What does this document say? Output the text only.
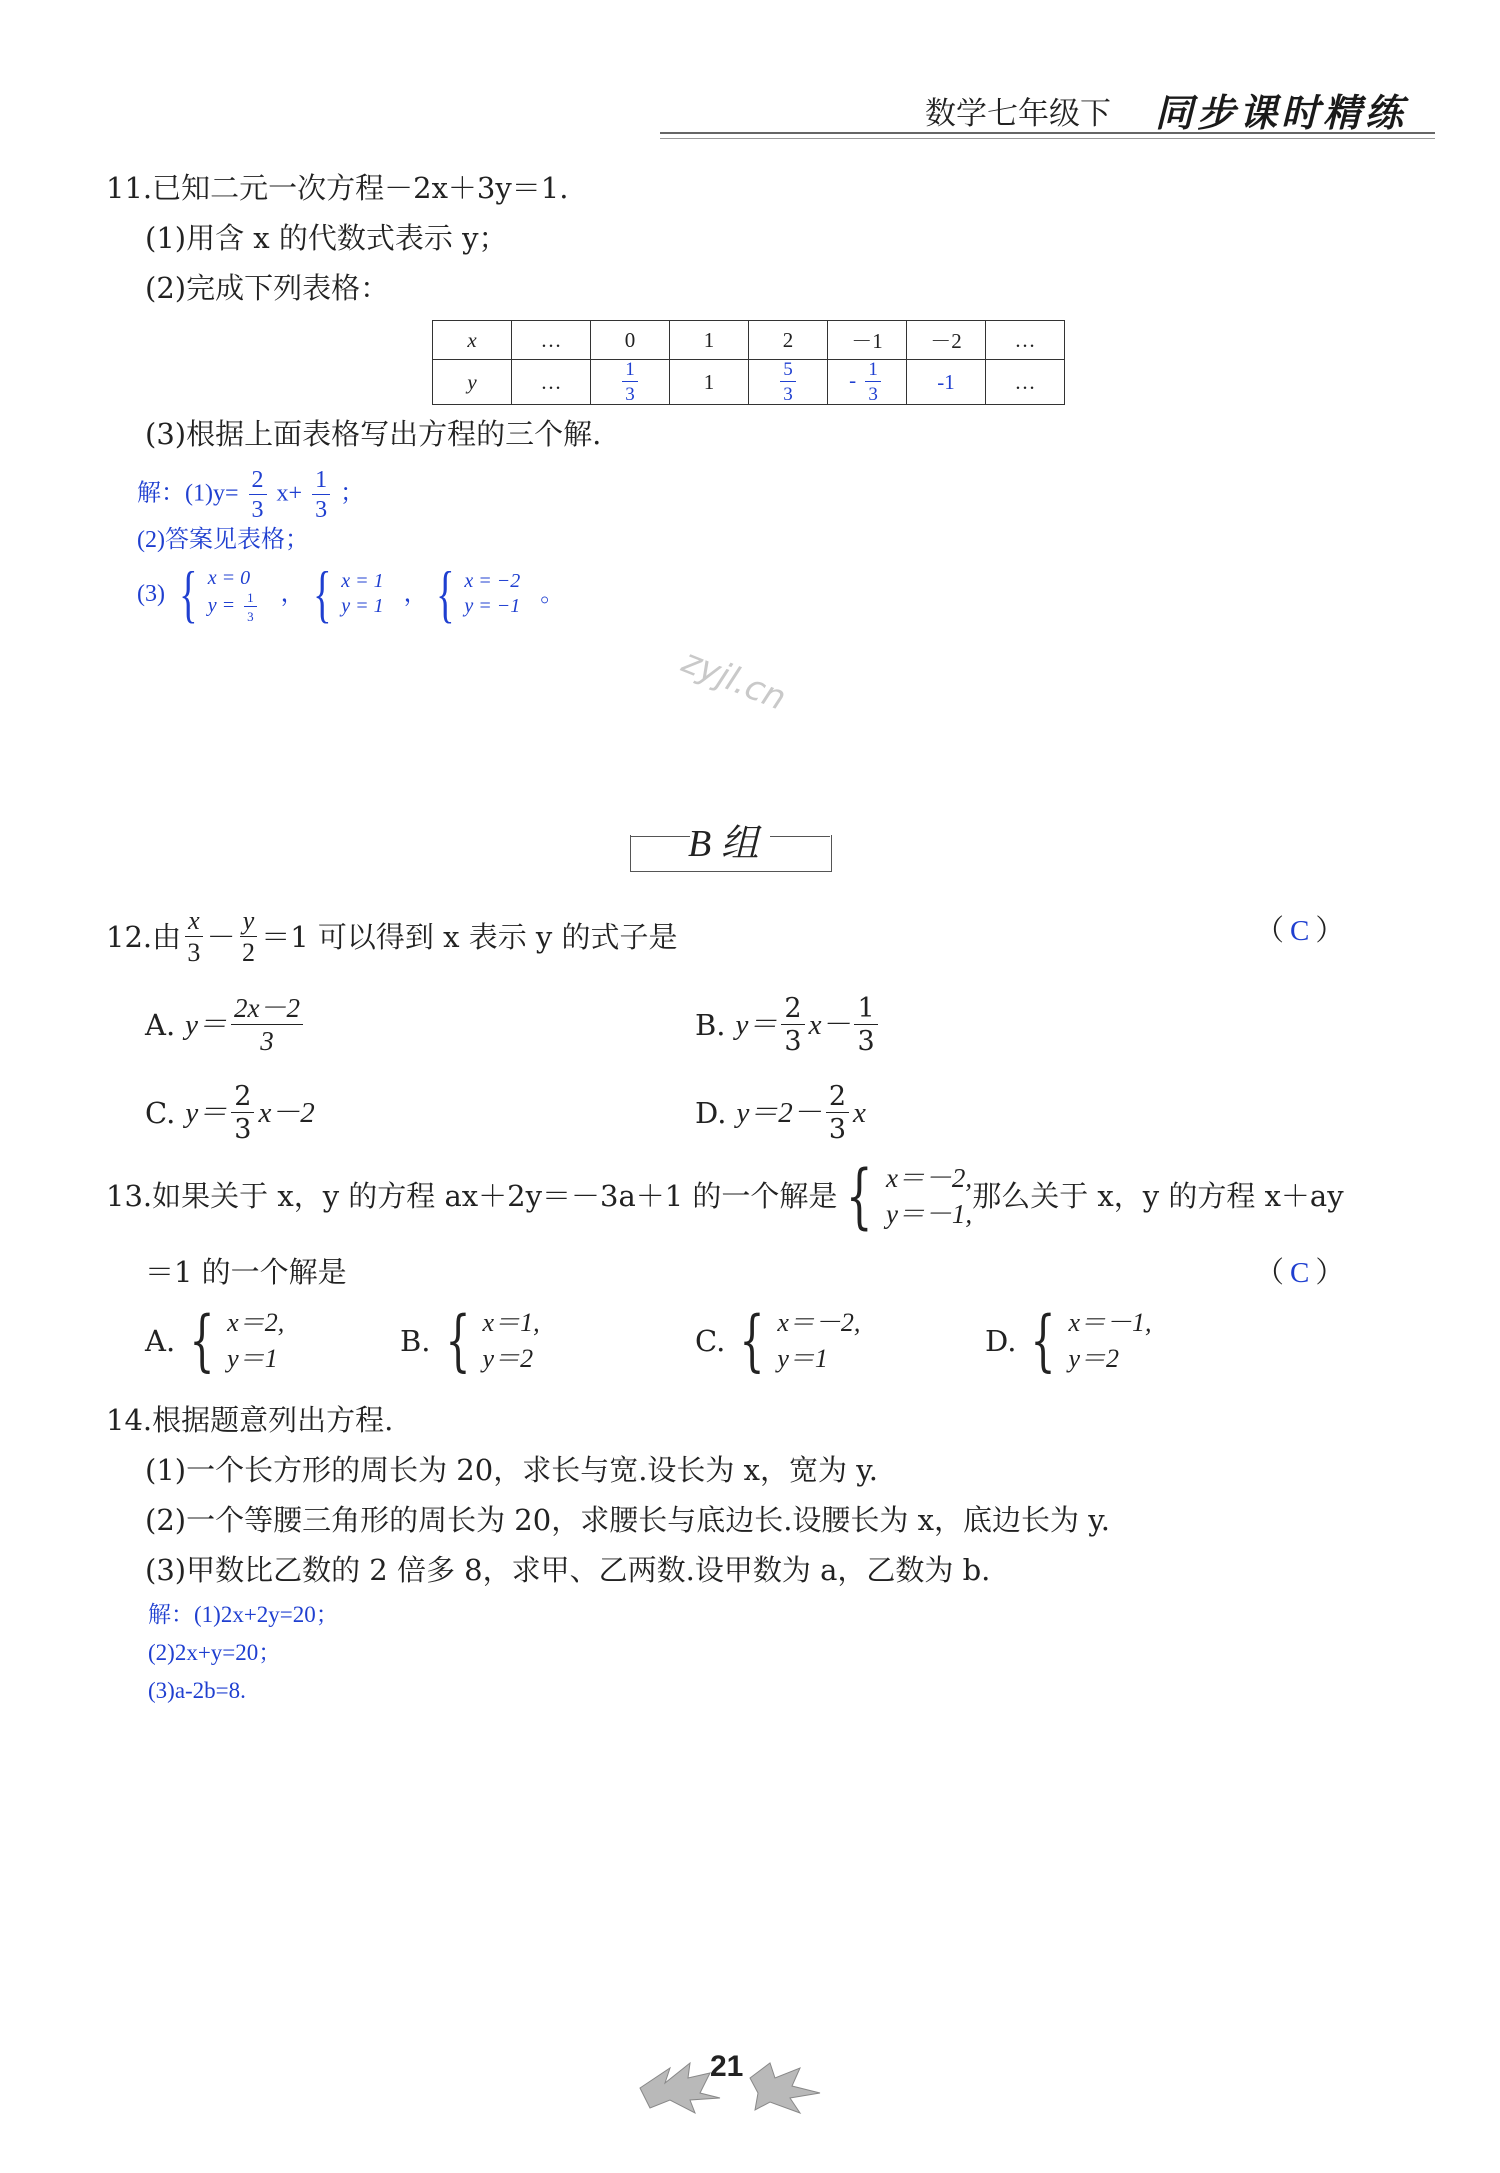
数学七年级下 同步课时精练
11.已知二元一次方程－2x＋3y＝1.
(1)用含 x 的代数式表示 y；
(2)完成下列表格：
x	…	0	1	2	－1	－2	…
y	…	$\frac{1}{3}$	1	$\frac{5}{3}$	- $\frac{1}{3}$	-1	…
(3)根据上面表格写出方程的三个解.
解：$(1)y= \frac{2}{3} x+ \frac{1}{3}$ ；
(2)答案见表格；
(3) { x = 0
$y = \frac{1}{3}$ ， { x = 1
y = 1 ， { x = −2
y = −1 。
zyjl.cn
B 组
12.由 $\frac{x}{3} - \frac{y}{2} =1$ 可以得到 x 表示 y 的式子是	（ C ）
A. $y= \frac{2x-2}{3}$	B. $y= \frac{2}{3} x- \frac{1}{3}$
C. $y= \frac{2}{3} x-2$	D. $y=2- \frac{2}{3}$ x
13.如果关于 x，y 的方程 ax＋2y＝－3a＋1 的一个解是 { x＝－2,
y＝－1,
那么关于 x，y 的方程 x＋ay
＝1 的一个解是	（ C ）
A. { x＝2,
y＝1
B. { x＝1,
y＝2
C. { x＝－2,
y＝1
D. { x＝－1,
y＝2
14.根据题意列出方程.
(1)一个长方形的周长为 20，求长与宽.设长为 x，宽为 y.
(2)一个等腰三角形的周长为 20，求腰长与底边长.设腰长为 x，底边长为 y.
(3)甲数比乙数的 2 倍多 8，求甲、乙两数.设甲数为 a，乙数为 b.
解：(1)2x+2y=20；
(2)2x+y=20；
(3)a-2b=8.
21
